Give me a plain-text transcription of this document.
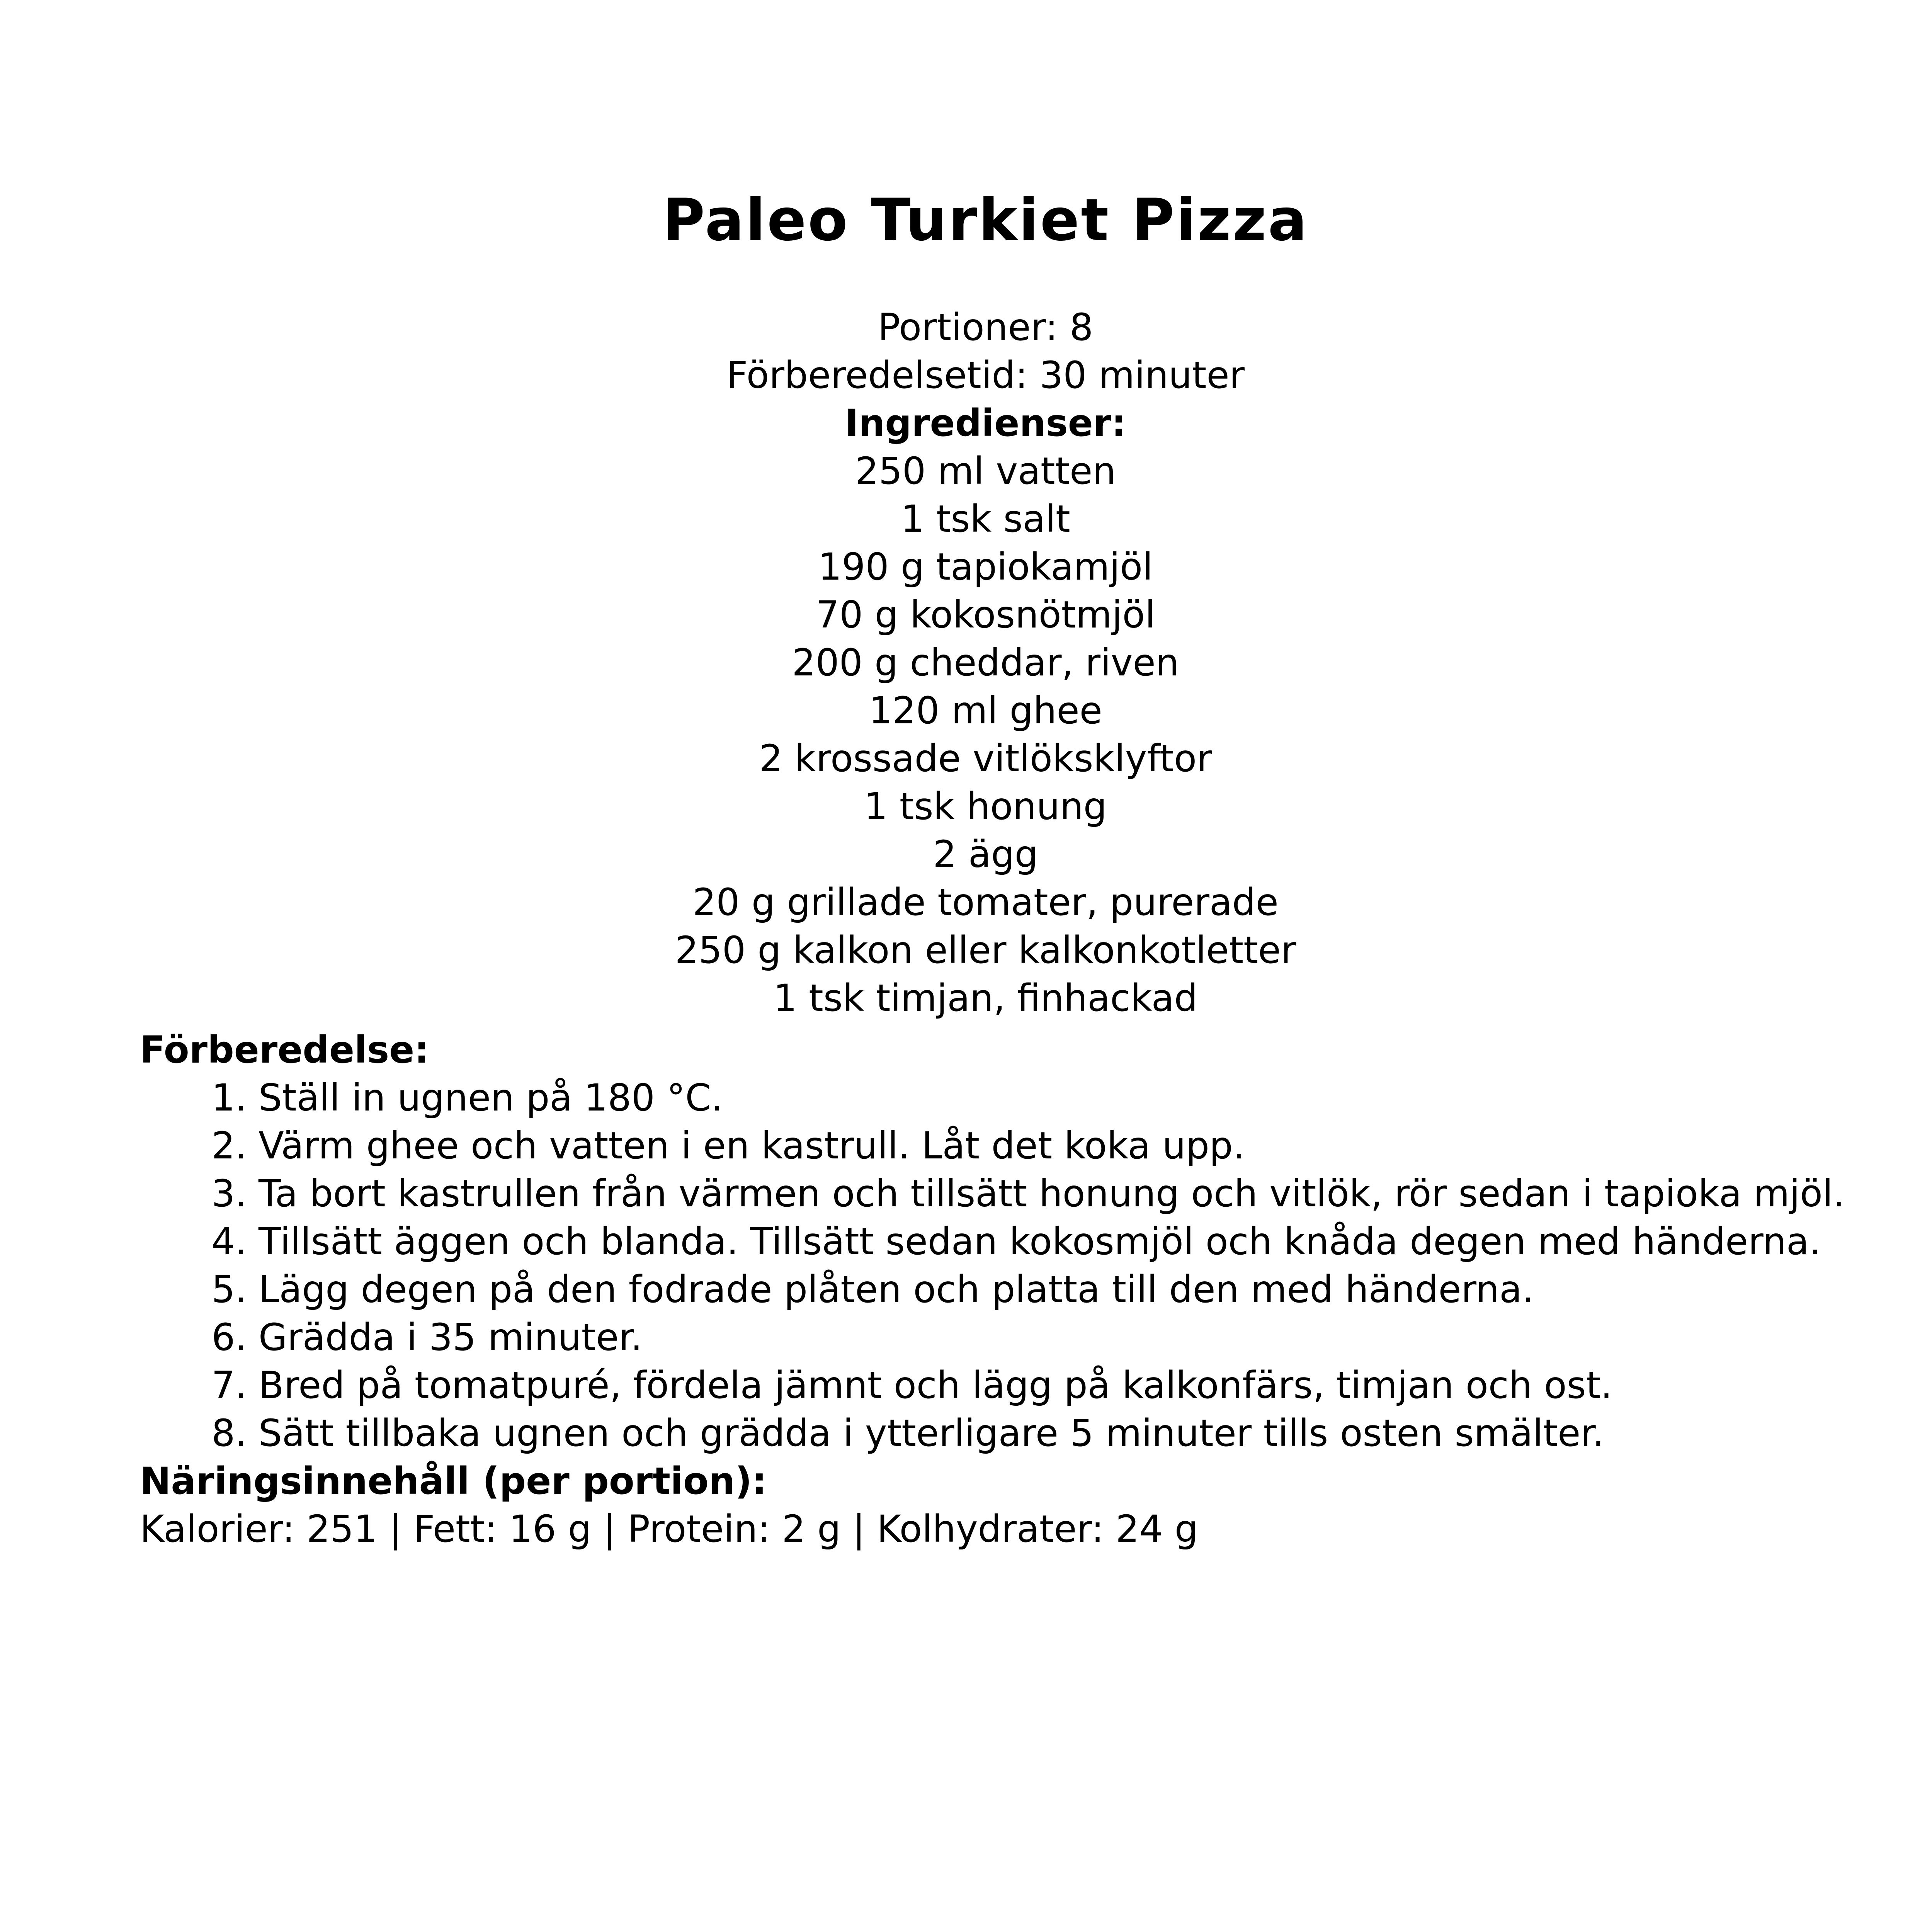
Paleo Turkiet Pizza
Portioner: 8
Förberedelsetid: 30 minuter
Ingredienser:
250 ml vatten
1 tsk salt
190 g tapiokamjöl
70 g kokosnötmjöl
200 g cheddar, riven
120 ml ghee
2 krossade vitlöksklyftor
1 tsk honung
2 ägg
20 g grillade tomater, purerade
250 g kalkon eller kalkonkotletter
1 tsk timjan, finhackad
Förberedelse:
1. Ställ in ugnen på 180 °C.
2. Värm ghee och vatten i en kastrull. Låt det koka upp.
3. Ta bort kastrullen från värmen och tillsätt honung och vitlök, rör sedan i tapioka mjöl.
4. Tillsätt äggen och blanda. Tillsätt sedan kokosmjöl och knåda degen med händerna.
5. Lägg degen på den fodrade plåten och platta till den med händerna.
6. Grädda i 35 minuter.
7. Bred på tomatpuré, fördela jämnt och lägg på kalkonfärs, timjan och ost.
8. Sätt tillbaka ugnen och grädda i ytterligare 5 minuter tills osten smälter.
Näringsinnehåll (per portion):
Kalorier: 251 | Fett: 16 g | Protein: 2 g | Kolhydrater: 24 g
